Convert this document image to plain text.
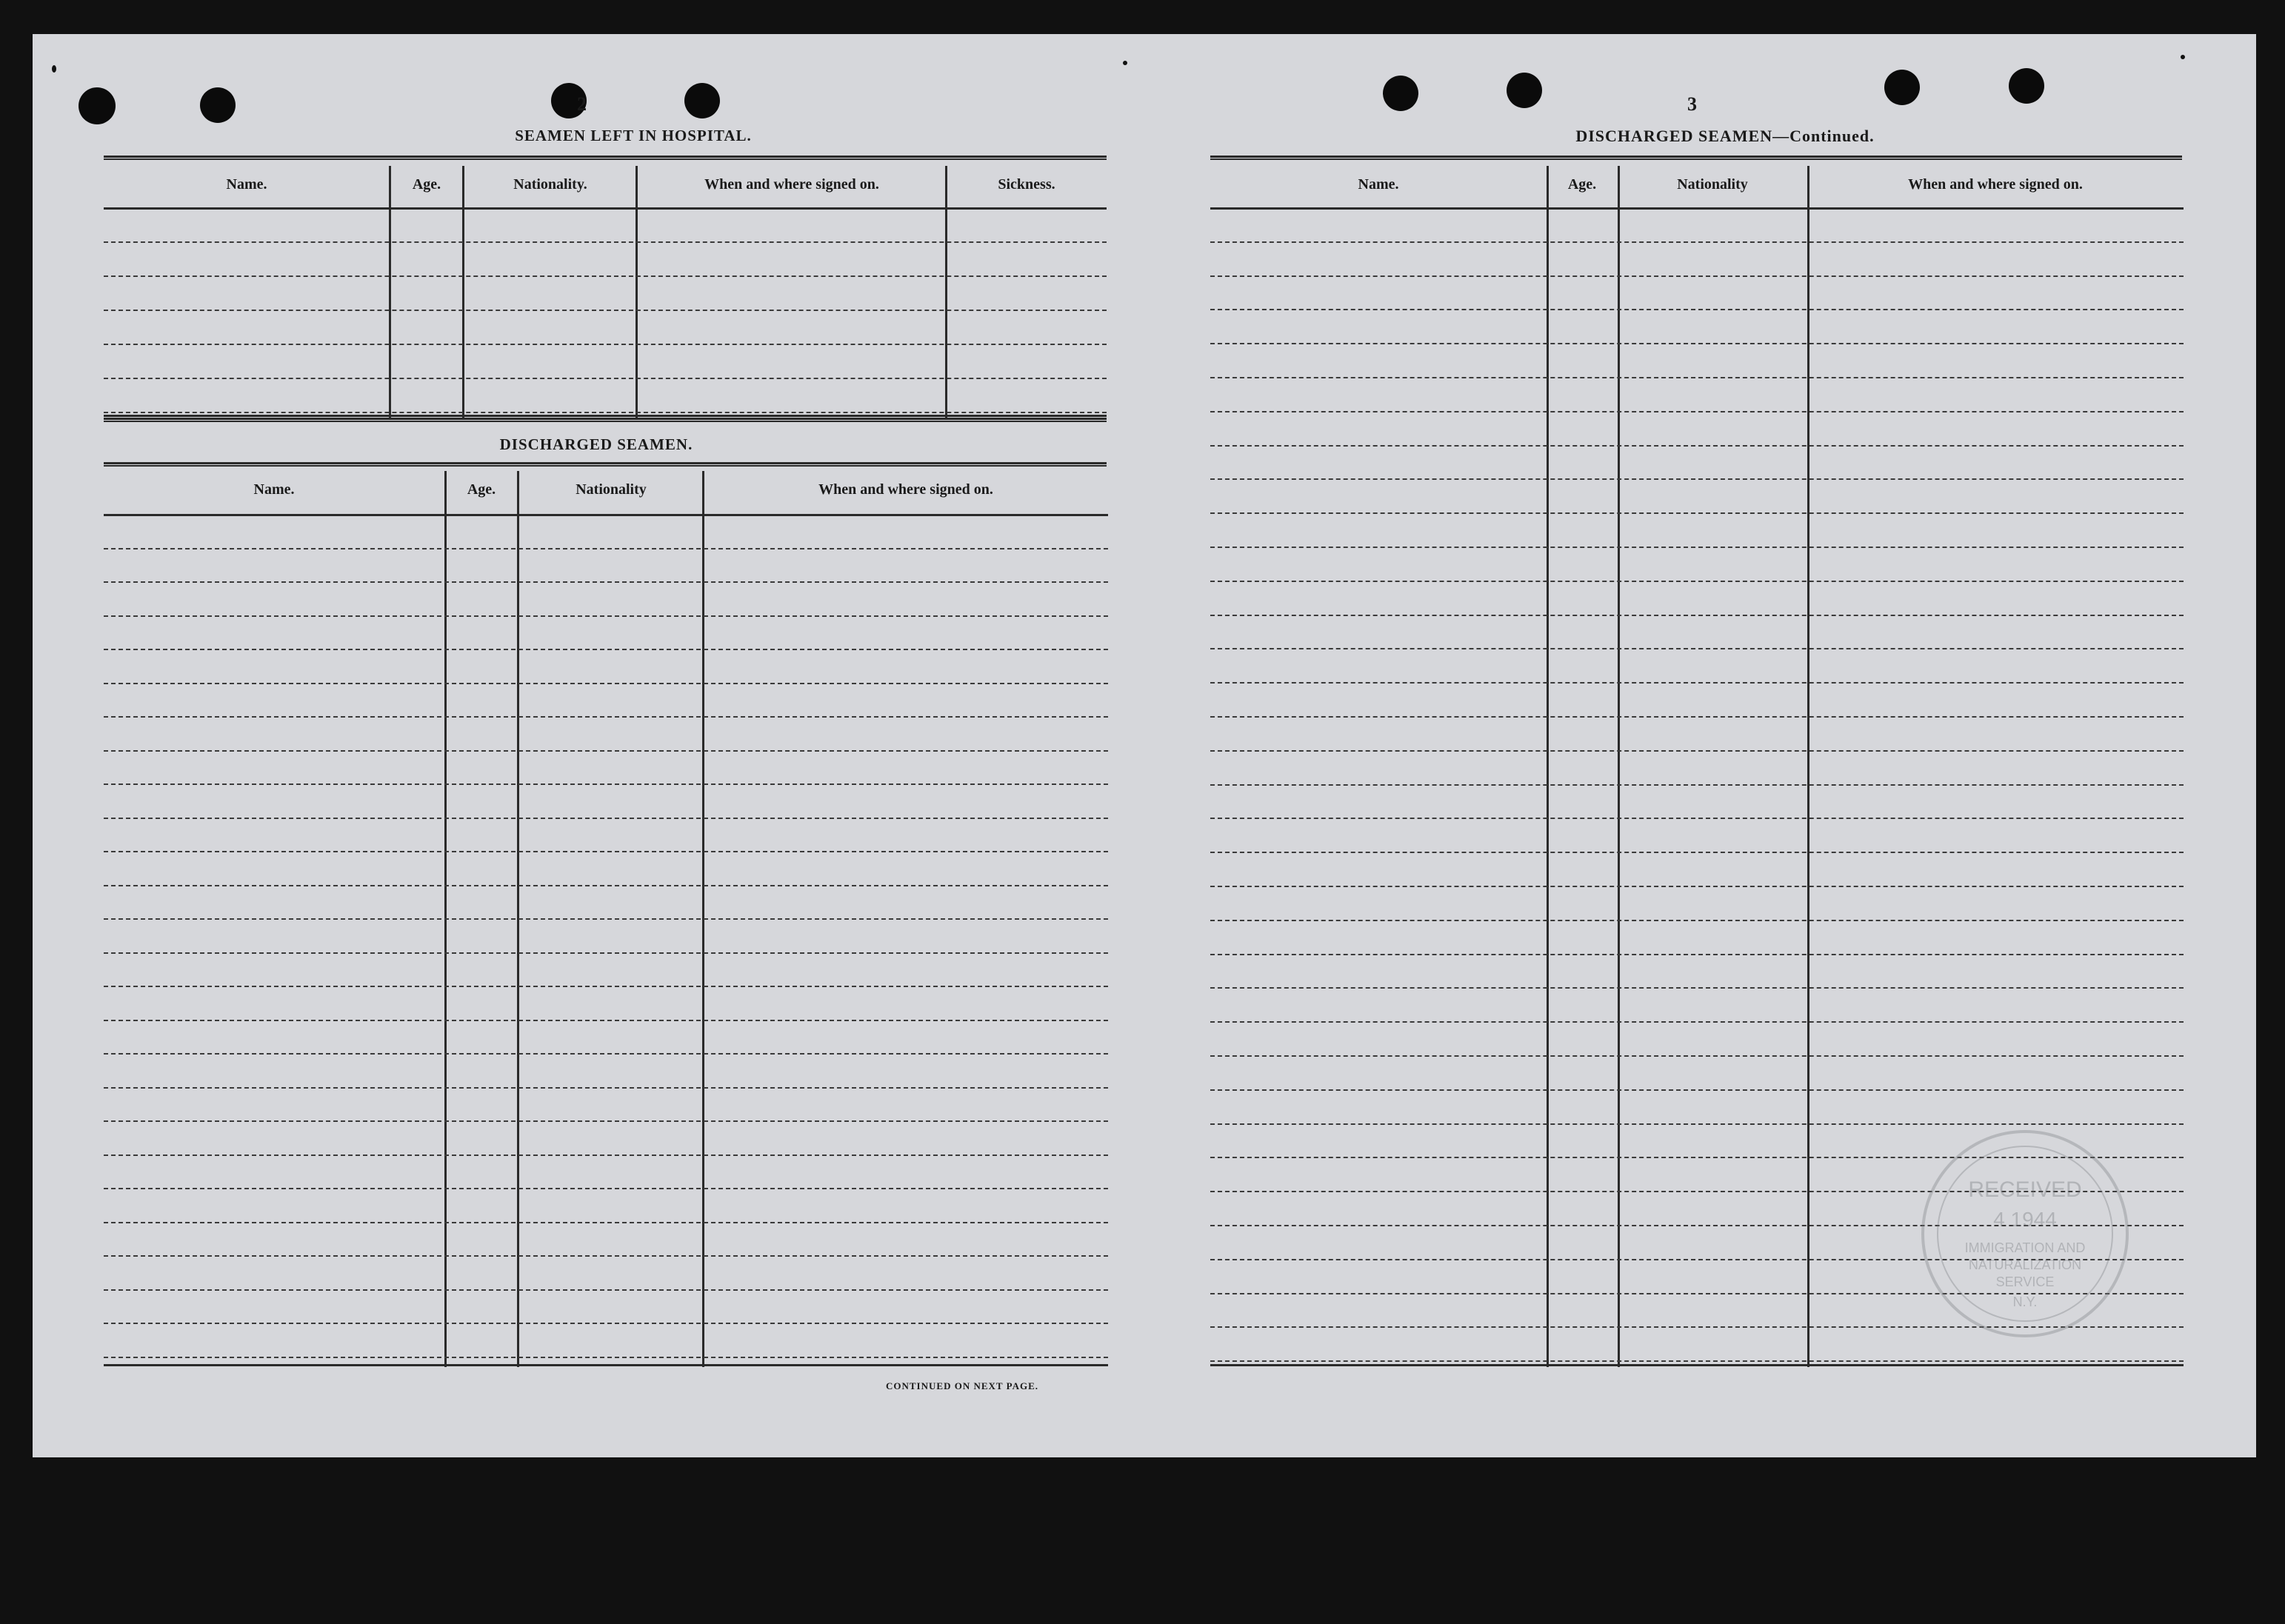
2
SEAMEN LEFT IN HOSPITAL.
Name.	Age.	Nationality.	When and where signed on.	Sickness.
DISCHARGED SEAMEN.
Name.	Age.	Nationality	When and where signed on.
CONTINUED ON NEXT PAGE.
3
DISCHARGED SEAMEN—Continued.
Name.	Age.	Nationality	When and where signed on.
RECEIVED
4 1944
IMMIGRATION AND
NATURALIZATION
SERVICE
N.Y.
